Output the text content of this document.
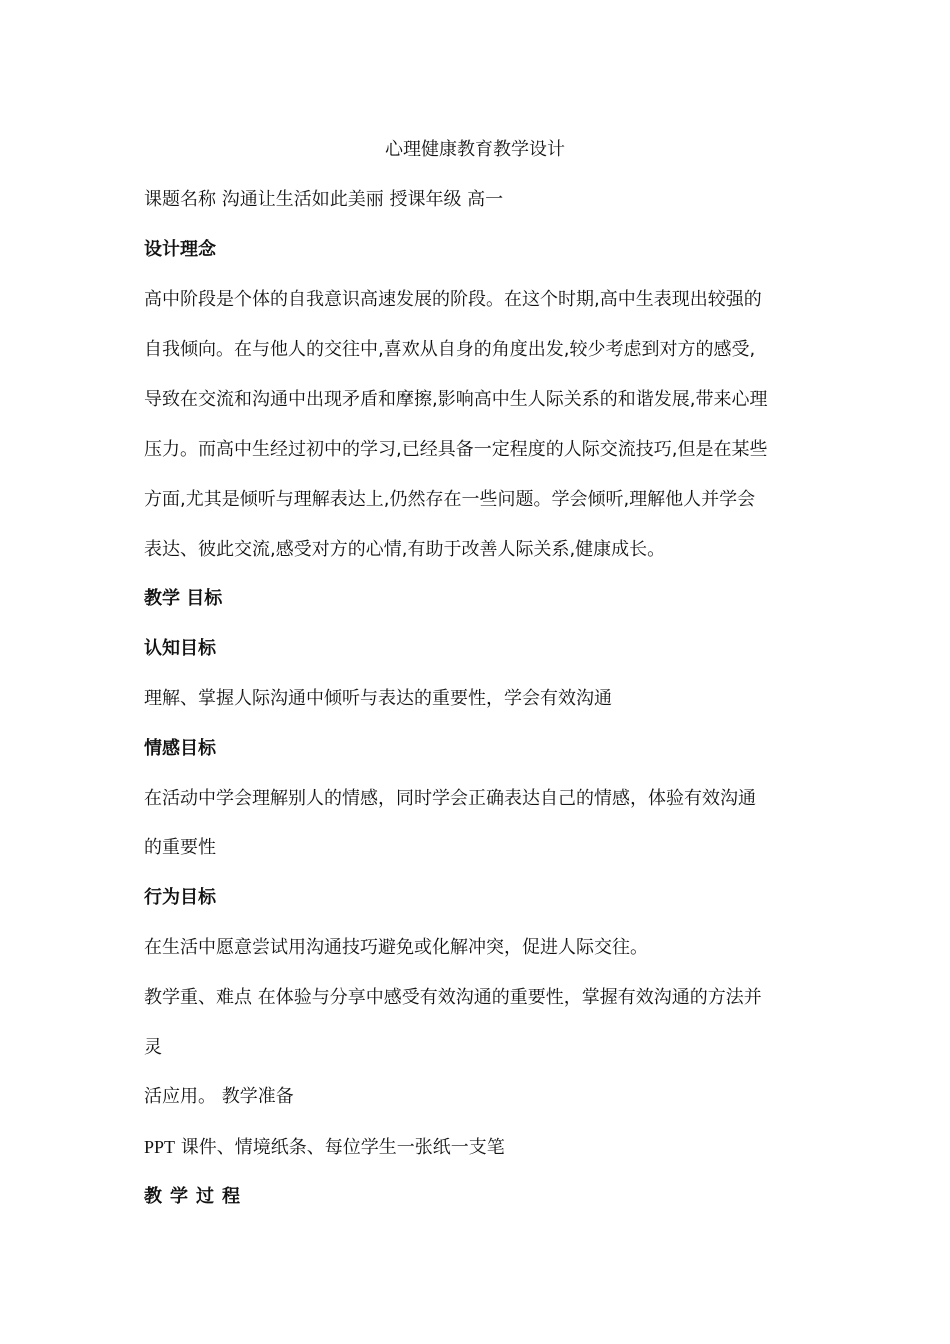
心理健康教育教学设计
课题名称 沟通让生活如此美丽 授课年级 高一
设计理念
高中阶段是个体的自我意识高速发展的阶段。在这个时期,高中生表现出较强的
自我倾向。在与他人的交往中,喜欢从自身的角度出发,较少考虑到对方的感受,
导致在交流和沟通中出现矛盾和摩擦,影响高中生人际关系的和谐发展,带来心理
压力。而高中生经过初中的学习,已经具备一定程度的人际交流技巧,但是在某些
方面,尤其是倾听与理解表达上,仍然存在一些问题。学会倾听,理解他人并学会
表达、彼此交流,感受对方的心情,有助于改善人际关系,健康成长。
教学 目标
认知目标
理解、掌握人际沟通中倾听与表达的重要性，学会有效沟通
情感目标
在活动中学会理解别人的情感，同时学会正确表达自己的情感，体验有效沟通
的重要性
行为目标
在生活中愿意尝试用沟通技巧避免或化解冲突，促进人际交往。
教学重、难点 在体验与分享中感受有效沟通的重要性，掌握有效沟通的方法并
灵
活应用。 教学准备
PPT 课件、情境纸条、每位学生一张纸一支笔
教学过程
